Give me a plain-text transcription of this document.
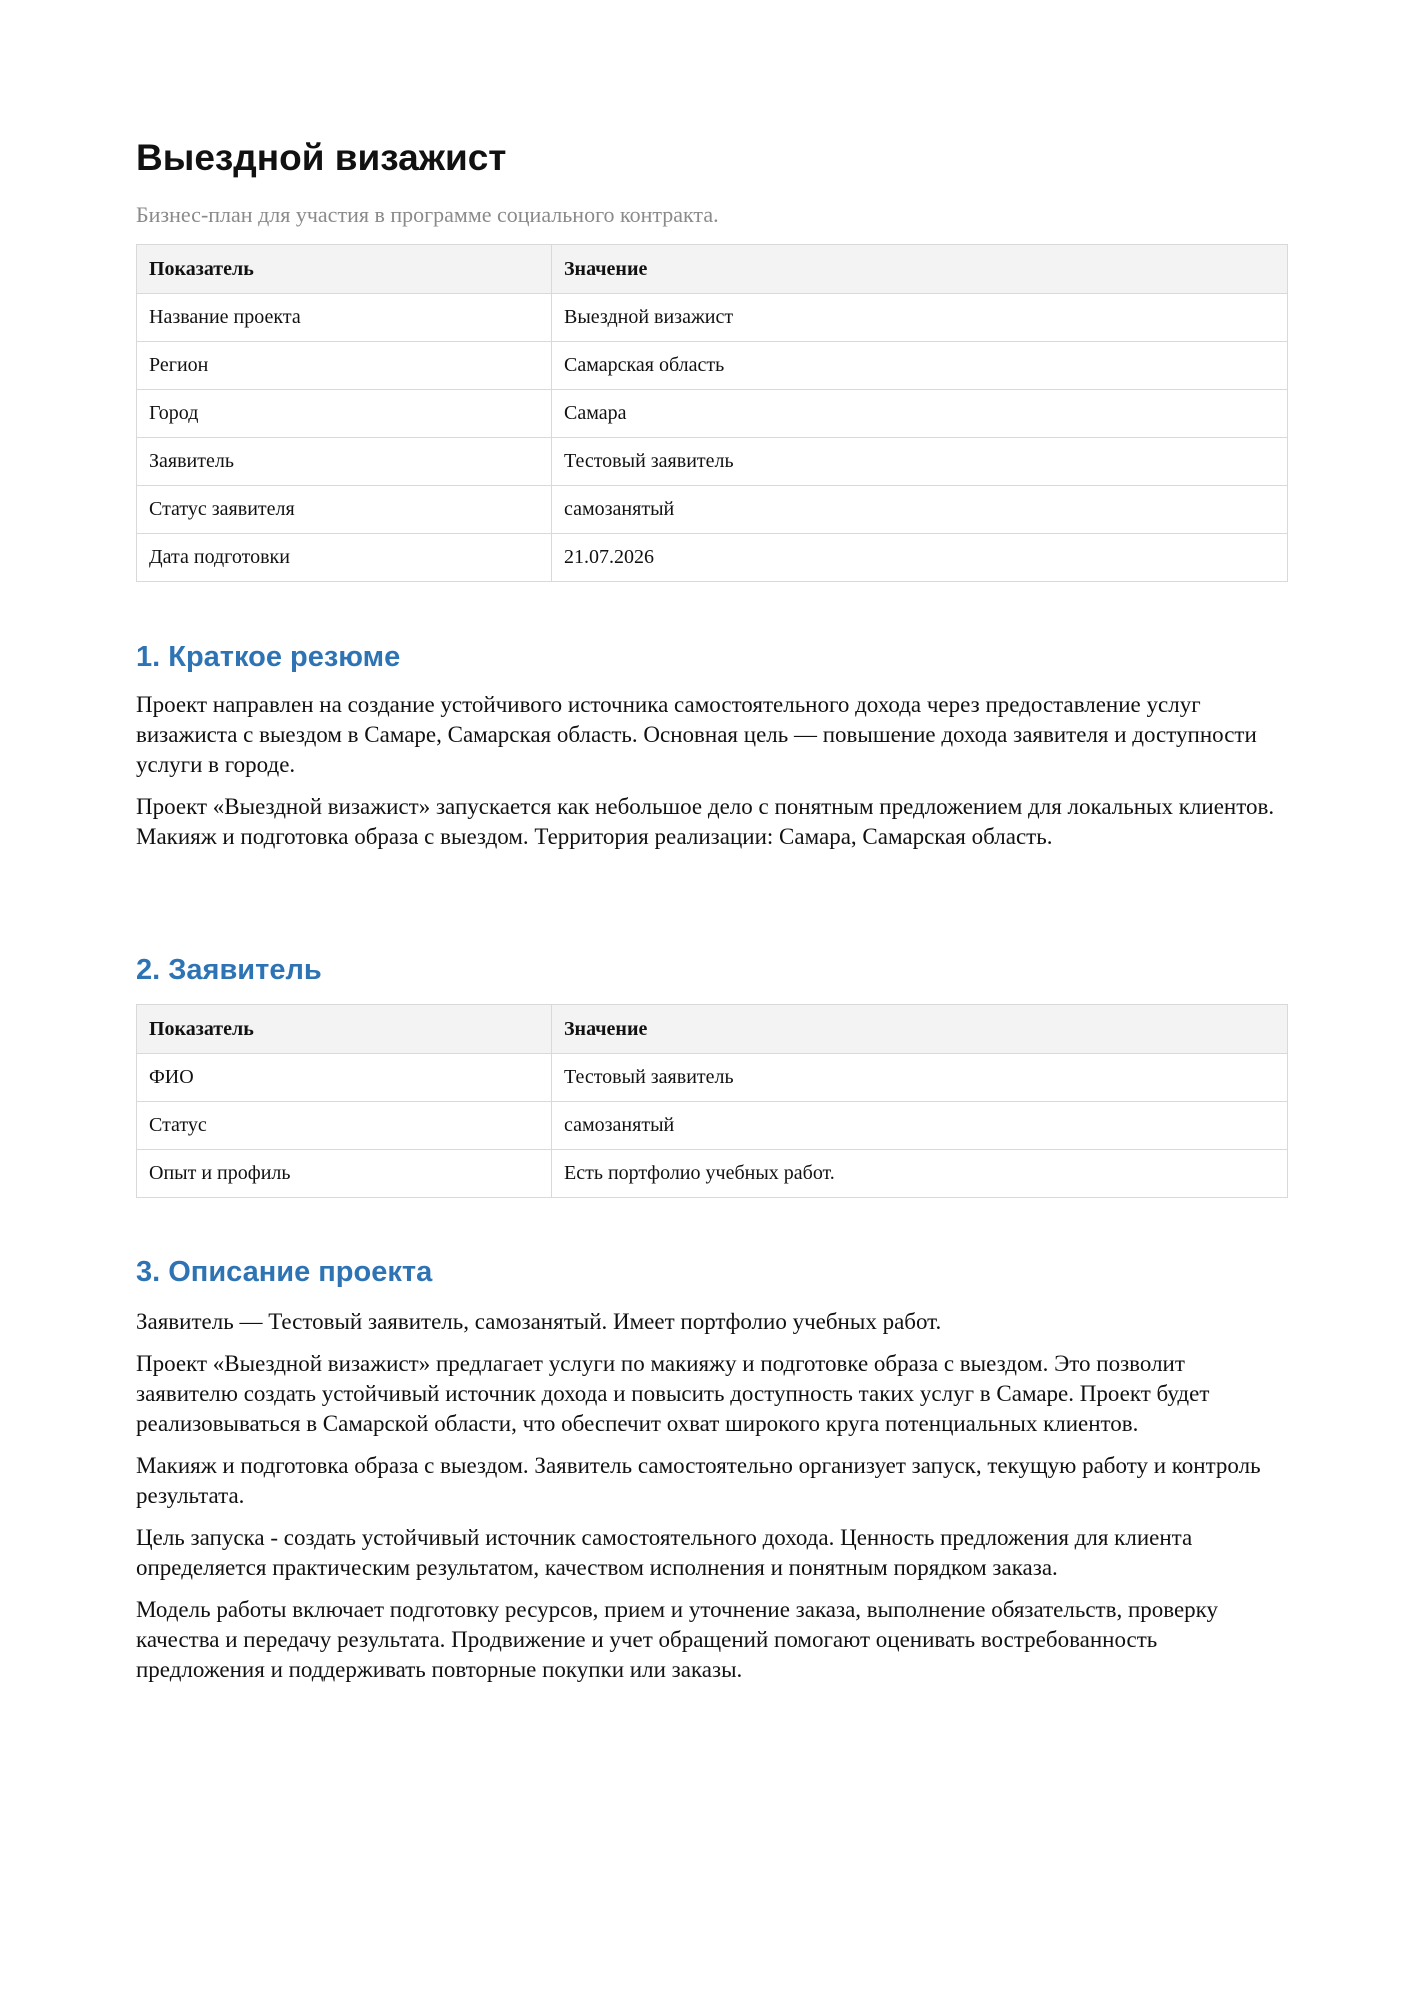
Выездной визажист
Бизнес-план для участия в программе социального контракта.
Показатель	Значение
Название проекта	Выездной визажист
Регион	Самарская область
Город	Самара
Заявитель	Тестовый заявитель
Статус заявителя	самозанятый
Дата подготовки	21.07.2026
1. Краткое резюме

Проект направлен на создание устойчивого источника самостоятельного дохода через предоставление услуг визажиста с выездом в Самаре, Самарская область. Основная цель — повышение дохода заявителя и доступности услуги в городе.

Проект «Выездной визажист» запускается как небольшое дело с понятным предложением для локальных клиентов. Макияж и подготовка образа с выездом. Территория реализации: Самара, Самарская область.

2. Заявитель
Показатель	Значение
ФИО	Тестовый заявитель
Статус	самозанятый
Опыт и профиль	Есть портфолио учебных работ.
3. Описание проекта

Заявитель — Тестовый заявитель, самозанятый. Имеет портфолио учебных работ.

Проект «Выездной визажист» предлагает услуги по макияжу и подготовке образа с выездом. Это позволит заявителю создать устойчивый источник дохода и повысить доступность таких услуг в Самаре. Проект будет реализовываться в Самарской области, что обеспечит охват широкого круга потенциальных клиентов.

Макияж и подготовка образа с выездом. Заявитель самостоятельно организует запуск, текущую работу и контроль результата.

Цель запуска - создать устойчивый источник самостоятельного дохода. Ценность предложения для клиента определяется практическим результатом, качеством исполнения и понятным порядком заказа.

Модель работы включает подготовку ресурсов, прием и уточнение заказа, выполнение обязательств, проверку качества и передачу результата. Продвижение и учет обращений помогают оценивать востребованность предложения и поддерживать повторные покупки или заказы.
